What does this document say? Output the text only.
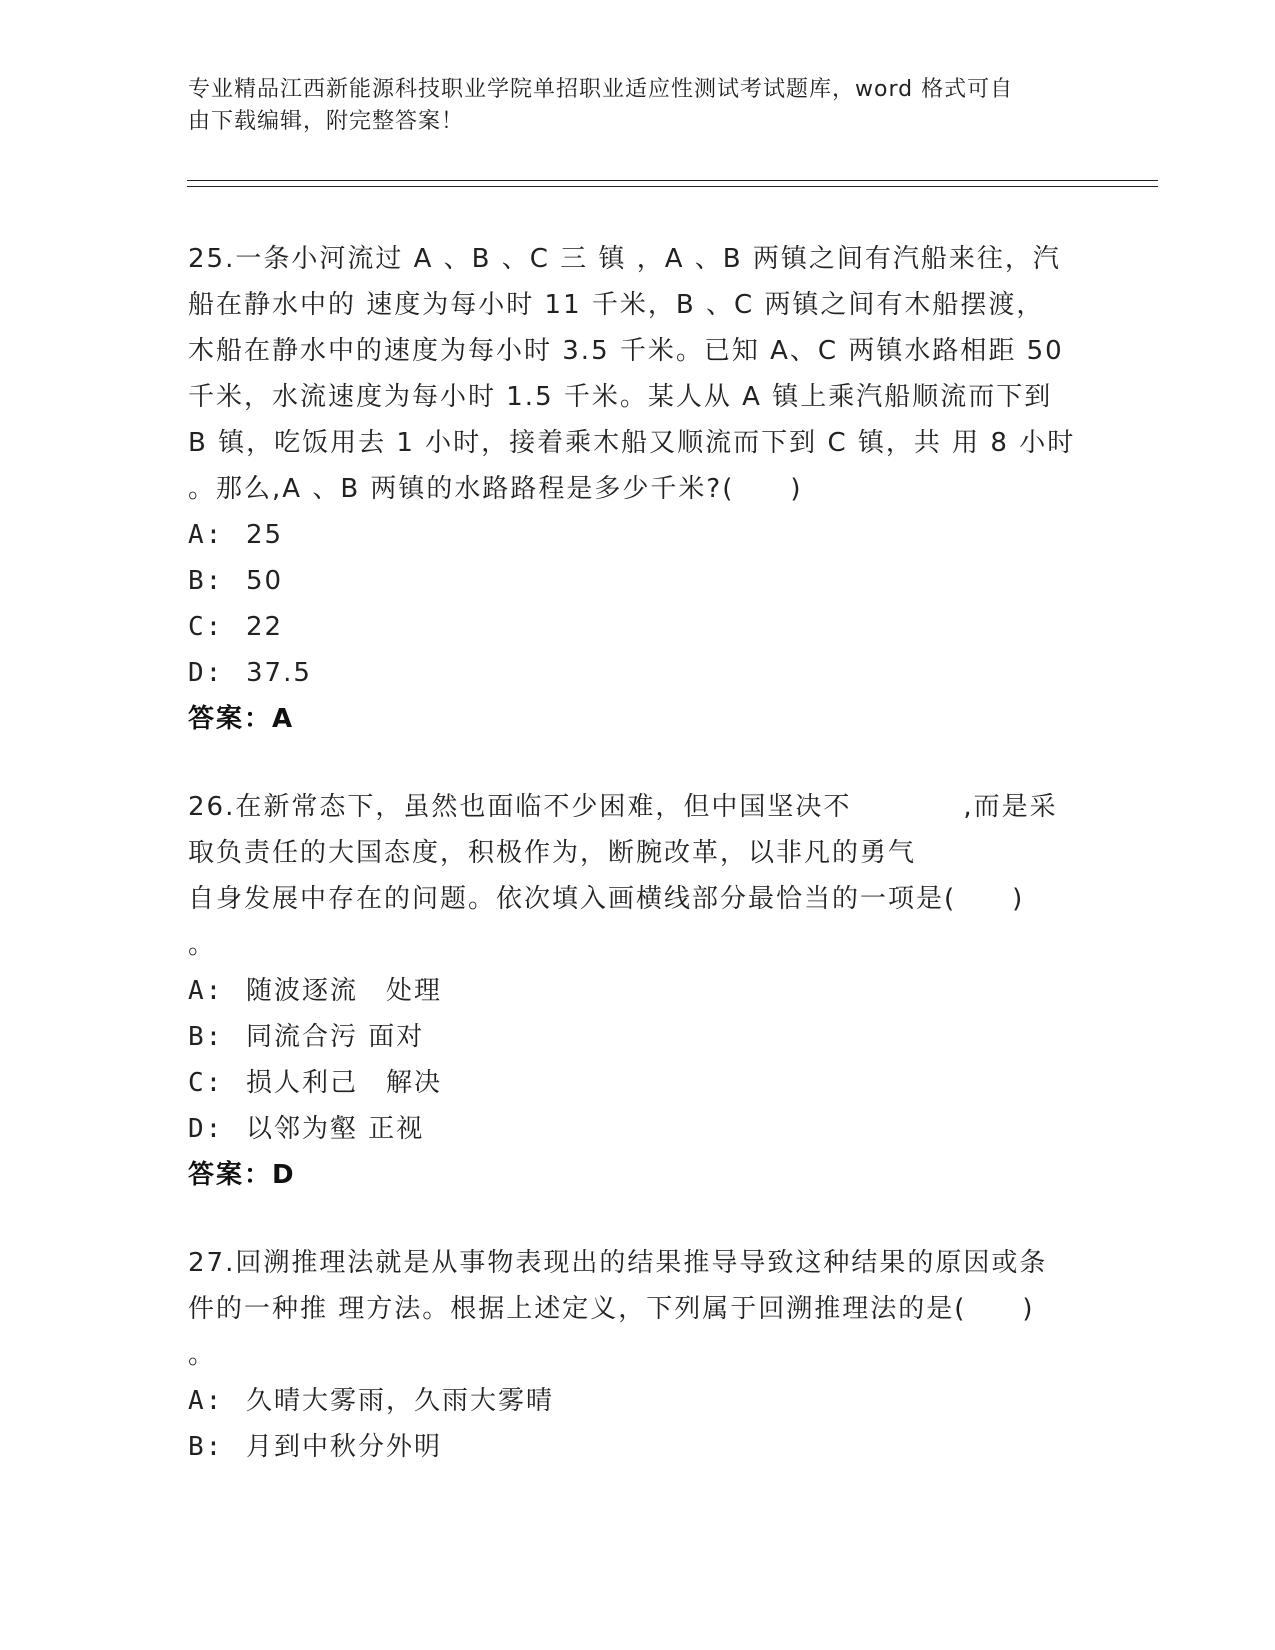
专业精品江西新能源科技职业学院单招职业适应性测试考试题库，word 格式可自
由下载编辑，附完整答案！
25.一条小河流过 A 、B 、C 三 镇 ，A 、B 两镇之间有汽船来往，汽
船在静水中的 速度为每小时 11 千米，B 、C 两镇之间有木船摆渡，
木船在静水中的速度为每小时 3.5 千米。已知 A、C 两镇水路相距 50
千米，水流速度为每小时 1.5 千米。某人从 A 镇上乘汽船顺流而下到
B 镇，吃饭用去 1 小时，接着乘木船又顺流而下到 C 镇，共 用 8 小时
。那么,A 、B 两镇的水路路程是多少千米?(　　)
A: 25
B: 50
C: 22
D: 37.5
答案：A
26.在新常态下，虽然也面临不少困难，但中国坚决不　　　　,而是采
取负责任的大国态度，积极作为，断腕改革，以非凡的勇气
自身发展中存在的问题。依次填入画横线部分最恰当的一项是(　　)
。
A: 随波逐流　处理
B: 同流合污 面对
C: 损人利己　解决
D: 以邻为壑 正视
答案：D
27.回溯推理法就是从事物表现出的结果推导导致这种结果的原因或条
件的一种推 理方法。根据上述定义，下列属于回溯推理法的是(　　)
。
A: 久晴大雾雨，久雨大雾晴
B: 月到中秋分外明
